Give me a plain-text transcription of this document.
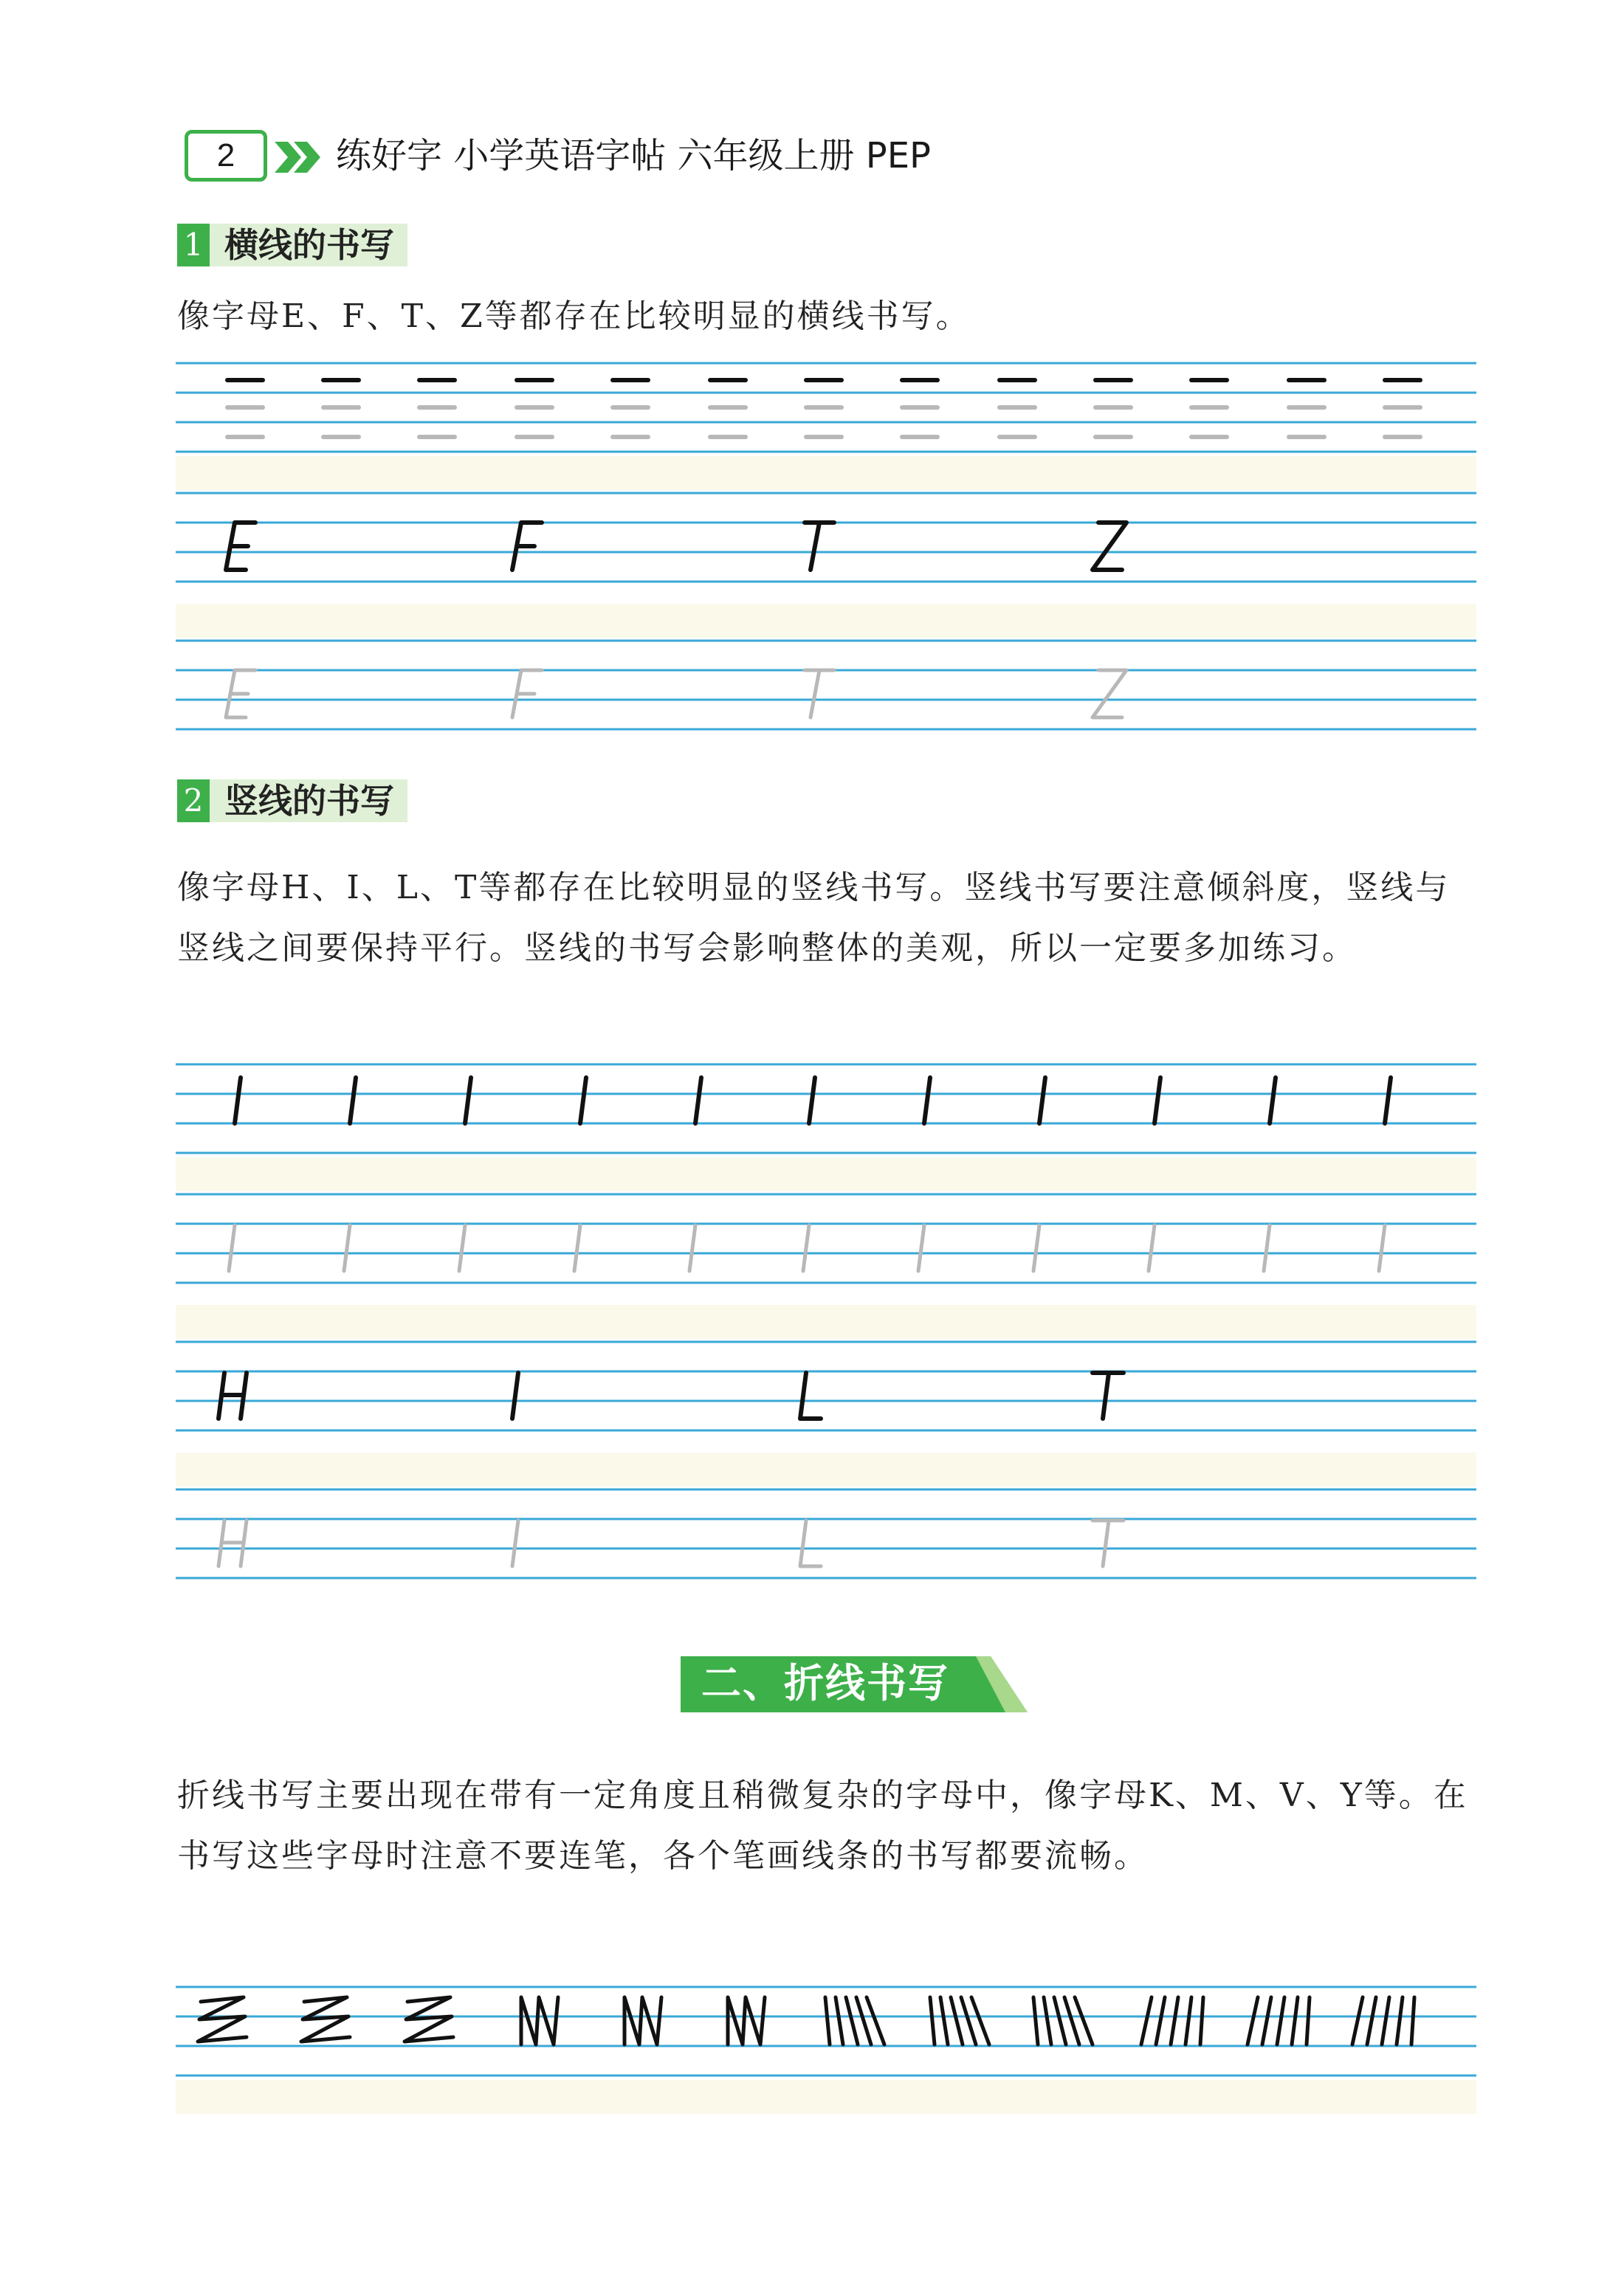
2	练好字 小学英语字帖 六年级上册 PEP
1 横线的书写
像字母E、F、T、Z等都存在比较明显的横线书写。
2 竖线的书写
像字母H、I、L、T等都存在比较明显的竖线书写。竖线书写要注意倾斜度，竖线与竖线之间要保持平行。竖线的书写会影响整体的美观，所以一定要多加练习。
二、折线书写
折线书写主要出现在带有一定角度且稍微复杂的字母中，像字母K、M、V、Y等。在书写这些字母时注意不要连笔，各个笔画线条的书写都要流畅。
